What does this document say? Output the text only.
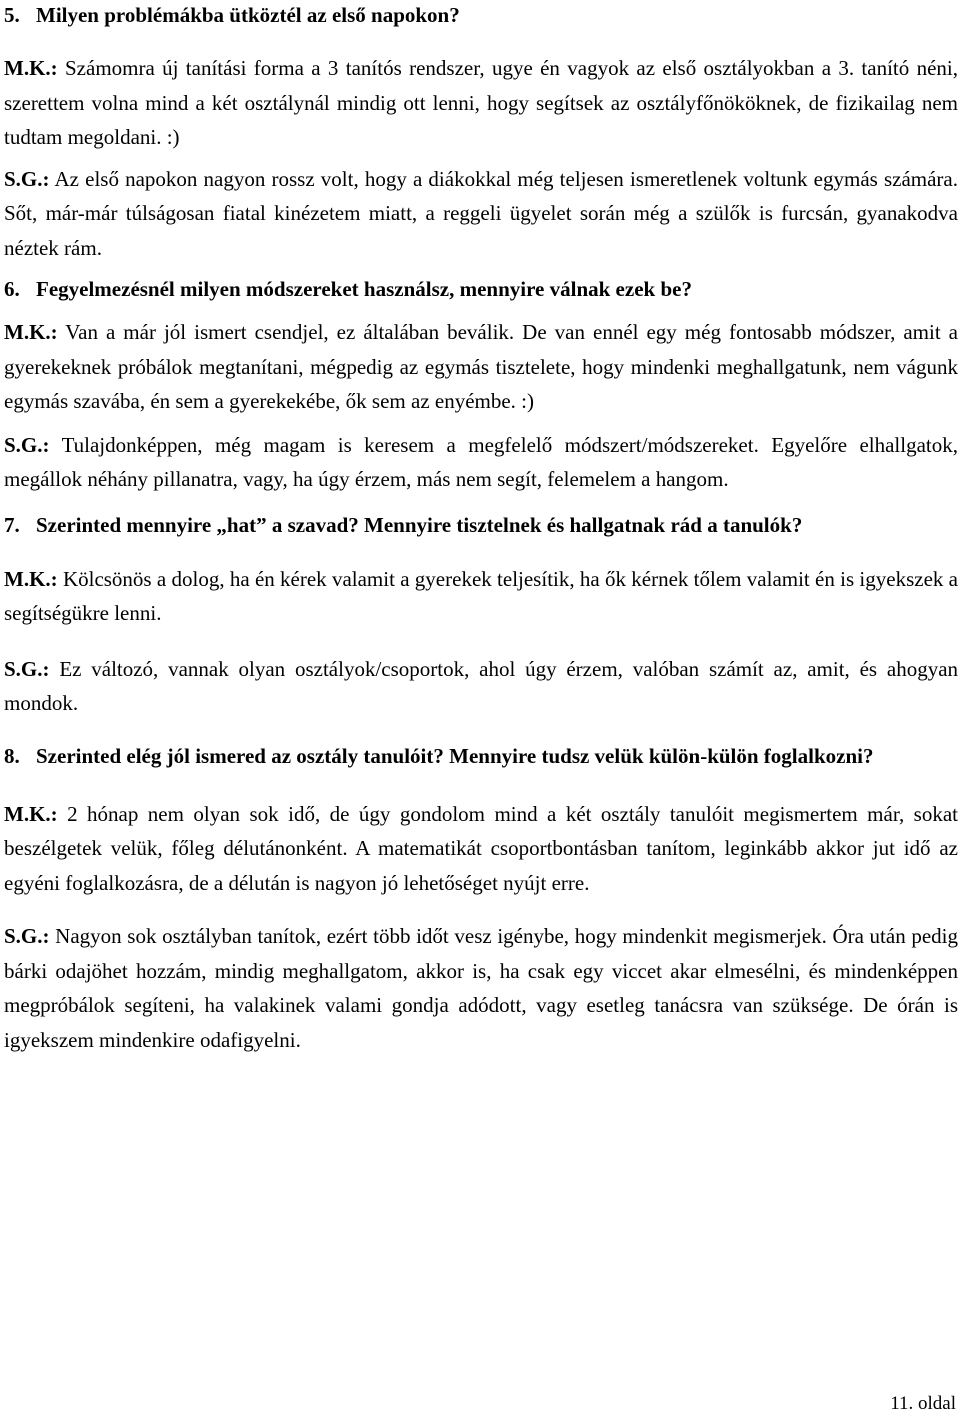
5. Milyen problémákba ütköztél az első napokon?

M.K.: Számomra új tanítási forma a 3 tanítós rendszer, ugye én vagyok az első osztályokban a 3. tanító néni, szerettem volna mind a két osztálynál mindig ott lenni, hogy segítsek az osztályfőnököknek, de fizikailag nem tudtam megoldani. :)

S.G.: Az első napokon nagyon rossz volt, hogy a diákokkal még teljesen ismeretlenek voltunk egymás számára. Sőt, már-már túlságosan fiatal kinézetem miatt, a reggeli ügyelet során még a szülők is furcsán, gyanakodva néztek rám.

6. Fegyelmezésnél milyen módszereket használsz, mennyire válnak ezek be?

M.K.: Van a már jól ismert csendjel, ez általában beválik. De van ennél egy még fontosabb módszer, amit a gyerekeknek próbálok megtanítani, mégpedig az egymás tisztelete, hogy mindenki meghallgatunk, nem vágunk egymás szavába, én sem a gyerekekébe, ők sem az enyémbe. :)

S.G.: Tulajdonképpen, még magam is keresem a megfelelő módszert/módszereket. Egyelőre elhallgatok, megállok néhány pillanatra, vagy, ha úgy érzem, más nem segít, felemelem a hangom.

7. Szerinted mennyire „hat” a szavad? Mennyire tisztelnek és hallgatnak rád a tanulók?

M.K.: Kölcsönös a dolog, ha én kérek valamit a gyerekek teljesítik, ha ők kérnek tőlem valamit én is igyekszek a segítségükre lenni.

S.G.: Ez változó, vannak olyan osztályok/csoportok, ahol úgy érzem, valóban számít az, amit, és ahogyan mondok.

8. Szerinted elég jól ismered az osztály tanulóit? Mennyire tudsz velük külön-külön foglalkozni?

M.K.: 2 hónap nem olyan sok idő, de úgy gondolom mind a két osztály tanulóit megismertem már, sokat beszélgetek velük, főleg délutánonként. A matematikát csoportbontásban tanítom, leginkább akkor jut idő az egyéni foglalkozásra, de a délután is nagyon jó lehetőséget nyújt erre.

S.G.: Nagyon sok osztályban tanítok, ezért több időt vesz igénybe, hogy mindenkit megismerjek. Óra után pedig bárki odajöhet hozzám, mindig meghallgatom, akkor is, ha csak egy viccet akar elmesélni, és mindenképpen megpróbálok segíteni, ha valakinek valami gondja adódott, vagy esetleg tanácsra van szüksége. De órán is igyekszem mindenkire odafigyelni.

11. oldal
